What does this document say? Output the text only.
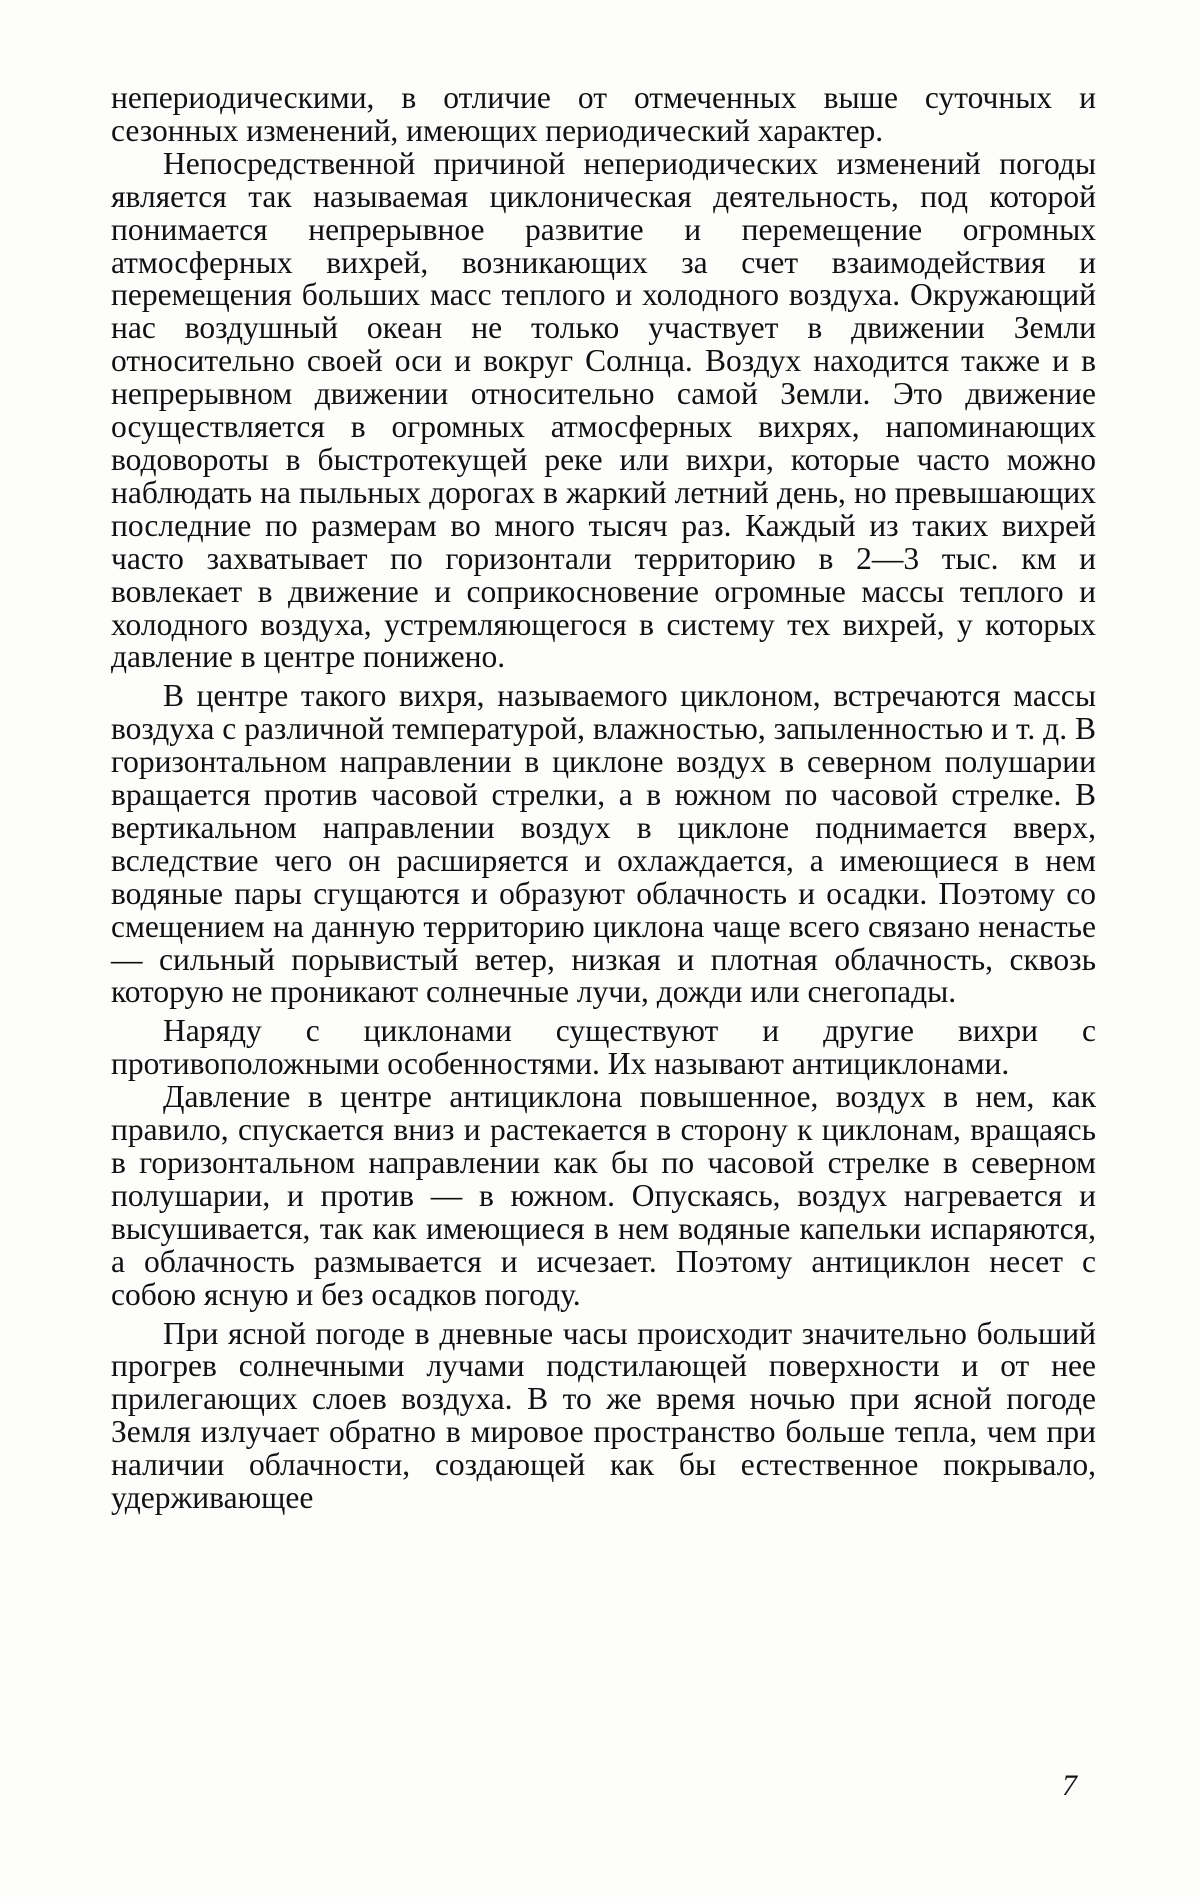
непериодическими, в отличие от отмеченных выше суточных и сезонных изменений, имеющих периодический характер.

Непосредственной причиной непериодических изменений погоды является так называемая циклоническая деятельность, под которой понимается непрерывное развитие и перемещение огромных атмосферных вихрей, возникающих за счет взаимодействия и перемещения больших масс теплого и холодного воздуха. Окружающий нас воздушный океан не только участвует в движении Земли относительно своей оси и вокруг Солнца. Воздух находится также и в непрерывном движении относительно самой Земли. Это движение осуществляется в огромных атмосферных вихрях, напоминающих водовороты в быстротекущей реке или вихри, которые часто можно наблюдать на пыльных дорогах в жаркий летний день, но превышающих последние по размерам во много тысяч раз. Каждый из таких вихрей часто захватывает по горизонтали территорию в 2—3 тыс. км и вовлекает в движение и соприкосновение огромные массы теплого и холодного воздуха, устремляющегося в систему тех вихрей, у которых давление в центре понижено.

В центре такого вихря, называемого циклоном, встречаются массы воздуха с различной температурой, влажностью, запыленностью и т. д. В горизонтальном направлении в циклоне воздух в северном полушарии вращается против часовой стрелки, а в южном по часовой стрелке. В вертикальном направлении воздух в циклоне поднимается вверх, вследствие чего он расширяется и охлаждается, а имеющиеся в нем водяные пары сгущаются и образуют облачность и осадки. Поэтому со смещением на данную территорию циклона чаще всего связано ненастье — сильный порывистый ветер, низкая и плотная облачность, сквозь которую не проникают солнечные лучи, дожди или снегопады.

Наряду с циклонами существуют и другие вихри с противоположными особенностями. Их называют антициклонами.

Давление в центре антициклона повышенное, воздух в нем, как правило, спускается вниз и растекается в сторону к циклонам, вращаясь в горизонтальном направлении как бы по часовой стрелке в северном полушарии, и против — в южном. Опускаясь, воздух нагревается и высушивается, так как имеющиеся в нем водяные капельки испаряются, а облачность размывается и исчезает. Поэтому антициклон несет с собою ясную и без осадков погоду.

При ясной погоде в дневные часы происходит значительно больший прогрев солнечными лучами подстилающей поверхности и от нее прилегающих слоев воздуха. В то же время ночью при ясной погоде Земля излучает обратно в мировое пространство больше тепла, чем при наличии облачности, создающей как бы естественное покрывало, удерживающее

7
